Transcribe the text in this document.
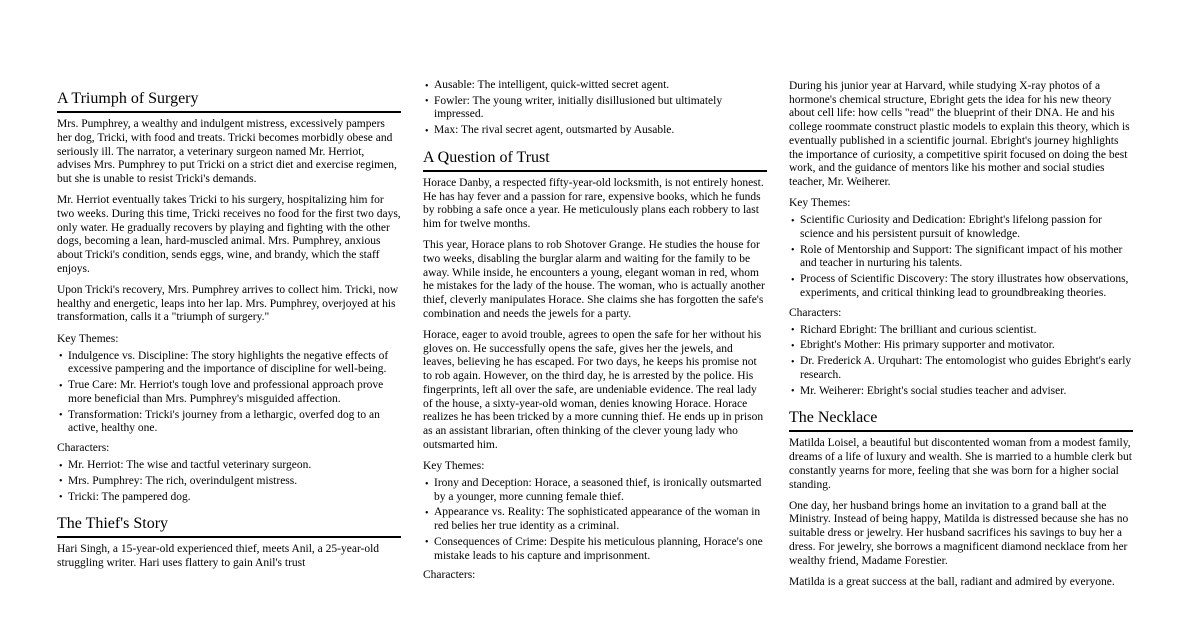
A Triumph of Surgery

Mrs. Pumphrey, a wealthy and indulgent mistress, excessively pampers her dog, Tricki, with food and treats. Tricki becomes morbidly obese and seriously ill. The narrator, a veterinary surgeon named Mr. Herriot, advises Mrs. Pumphrey to put Tricki on a strict diet and exercise regimen, but she is unable to resist Tricki's demands.

Mr. Herriot eventually takes Tricki to his surgery, hospitalizing him for two weeks. During this time, Tricki receives no food for the first two days, only water. He gradually recovers by playing and fighting with the other dogs, becoming a lean, hard-muscled animal. Mrs. Pumphrey, anxious about Tricki's condition, sends eggs, wine, and brandy, which the staff enjoys.

Upon Tricki's recovery, Mrs. Pumphrey arrives to collect him. Tricki, now healthy and energetic, leaps into her lap. Mrs. Pumphrey, overjoyed at his transformation, calls it a "triumph of surgery."

Key Themes:

• Indulgence vs. Discipline: The story highlights the negative effects of excessive pampering and the importance of discipline for well-being.
• True Care: Mr. Herriot's tough love and professional approach prove more beneficial than Mrs. Pumphrey's misguided affection.
• Transformation: Tricki's journey from a lethargic, overfed dog to an active, healthy one.

Characters:

• Mr. Herriot: The wise and tactful veterinary surgeon.
• Mrs. Pumphrey: The rich, overindulgent mistress.
• Tricki: The pampered dog.
The Thief's Story

Hari Singh, a 15-year-old experienced thief, meets Anil, a 25-year-old struggling writer. Hari uses flattery to gain Anil's trust

• Ausable: The intelligent, quick-witted secret agent.
• Fowler: The young writer, initially disillusioned but ultimately impressed.
• Max: The rival secret agent, outsmarted by Ausable.
A Question of Trust

Horace Danby, a respected fifty-year-old locksmith, is not entirely honest. He has hay fever and a passion for rare, expensive books, which he funds by robbing a safe once a year. He meticulously plans each robbery to last him for twelve months.

This year, Horace plans to rob Shotover Grange. He studies the house for two weeks, disabling the burglar alarm and waiting for the family to be away. While inside, he encounters a young, elegant woman in red, whom he mistakes for the lady of the house. The woman, who is actually another thief, cleverly manipulates Horace. She claims she has forgotten the safe's combination and needs the jewels for a party.

Horace, eager to avoid trouble, agrees to open the safe for her without his gloves on. He successfully opens the safe, gives her the jewels, and leaves, believing he has escaped. For two days, he keeps his promise not to rob again. However, on the third day, he is arrested by the police. His fingerprints, left all over the safe, are undeniable evidence. The real lady of the house, a sixty-year-old woman, denies knowing Horace. Horace realizes he has been tricked by a more cunning thief. He ends up in prison as an assistant librarian, often thinking of the clever young lady who outsmarted him.

Key Themes:

• Irony and Deception: Horace, a seasoned thief, is ironically outsmarted by a younger, more cunning female thief.
• Appearance vs. Reality: The sophisticated appearance of the woman in red belies her true identity as a criminal.
• Consequences of Crime: Despite his meticulous planning, Horace's one mistake leads to his capture and imprisonment.

Characters:

During his junior year at Harvard, while studying X-ray photos of a hormone's chemical structure, Ebright gets the idea for his new theory about cell life: how cells "read" the blueprint of their DNA. He and his college roommate construct plastic models to explain this theory, which is eventually published in a scientific journal. Ebright's journey highlights the importance of curiosity, a competitive spirit focused on doing the best work, and the guidance of mentors like his mother and social studies teacher, Mr. Weiherer.

Key Themes:

• Scientific Curiosity and Dedication: Ebright's lifelong passion for science and his persistent pursuit of knowledge.
• Role of Mentorship and Support: The significant impact of his mother and teacher in nurturing his talents.
• Process of Scientific Discovery: The story illustrates how observations, experiments, and critical thinking lead to groundbreaking theories.

Characters:

• Richard Ebright: The brilliant and curious scientist.
• Ebright's Mother: His primary supporter and motivator.
• Dr. Frederick A. Urquhart: The entomologist who guides Ebright's early research.
• Mr. Weiherer: Ebright's social studies teacher and adviser.
The Necklace

Matilda Loisel, a beautiful but discontented woman from a modest family, dreams of a life of luxury and wealth. She is married to a humble clerk but constantly yearns for more, feeling that she was born for a higher social standing.

One day, her husband brings home an invitation to a grand ball at the Ministry. Instead of being happy, Matilda is distressed because she has no suitable dress or jewelry. Her husband sacrifices his savings to buy her a dress. For jewelry, she borrows a magnificent diamond necklace from her wealthy friend, Madame Forestier.

Matilda is a great success at the ball, radiant and admired by everyone.
